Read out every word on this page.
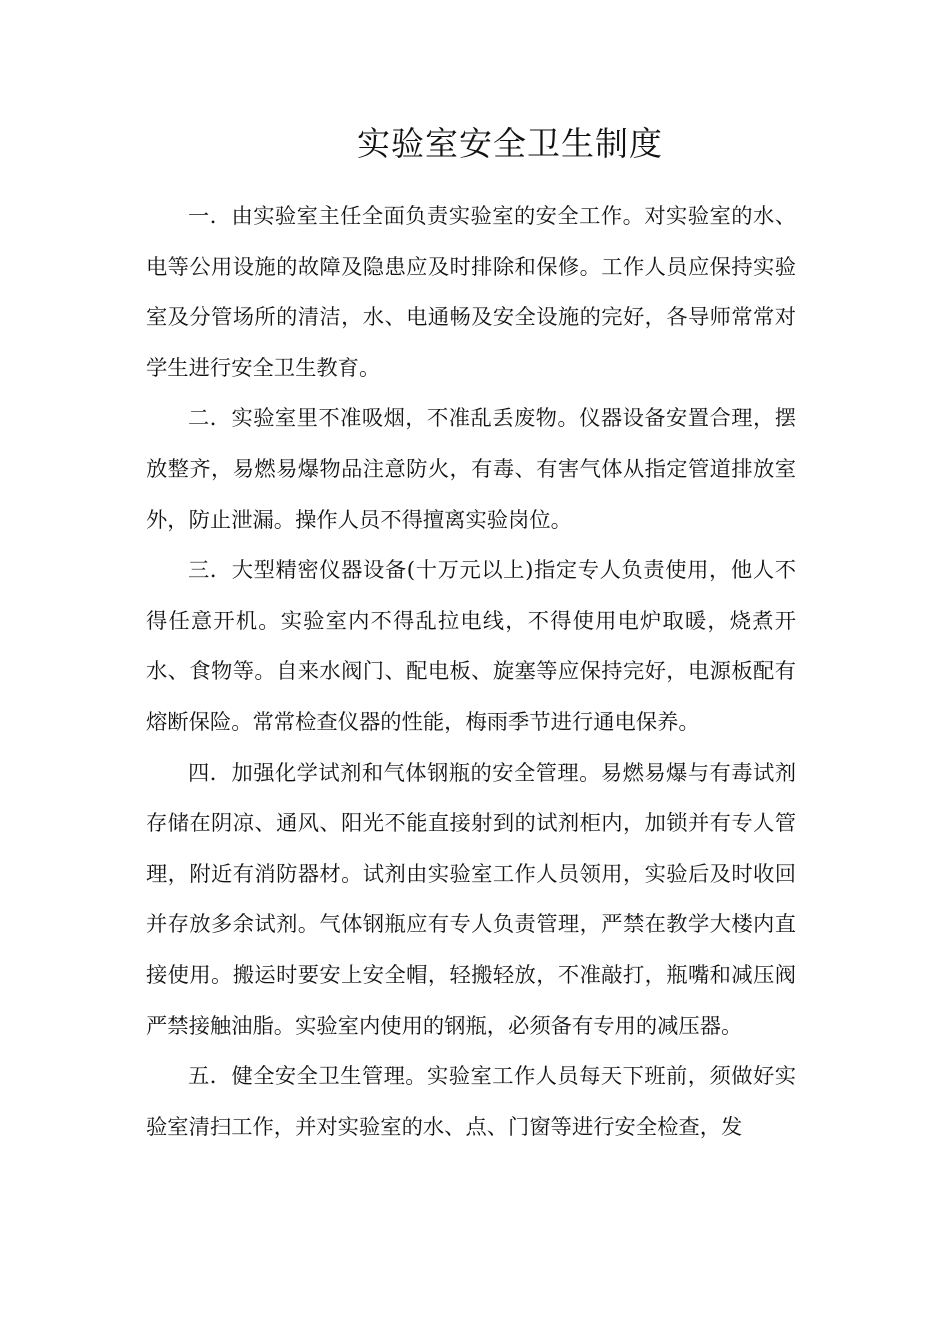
实验室安全卫生制度

一．由实验室主任全面负责实验室的安全工作。对实验室的水、电等公用设施的故障及隐患应及时排除和保修。工作人员应保持实验室及分管场所的清洁，水、电通畅及安全设施的完好，各导师常常对学生进行安全卫生教育。

二．实验室里不准吸烟，不准乱丢废物。仪器设备安置合理，摆放整齐，易燃易爆物品注意防火，有毒、有害气体从指定管道排放室外，防止泄漏。操作人员不得擅离实验岗位。

三．大型精密仪器设备(十万元以上)指定专人负责使用，他人不得任意开机。实验室内不得乱拉电线，不得使用电炉取暖，烧煮开水、食物等。自来水阀门、配电板、旋塞等应保持完好，电源板配有熔断保险。常常检查仪器的性能，梅雨季节进行通电保养。

四．加强化学试剂和气体钢瓶的安全管理。易燃易爆与有毒试剂存储在阴凉、通风、阳光不能直接射到的试剂柜内，加锁并有专人管理，附近有消防器材。试剂由实验室工作人员领用，实验后及时收回并存放多余试剂。气体钢瓶应有专人负责管理，严禁在教学大楼内直接使用。搬运时要安上安全帽，轻搬轻放，不准敲打，瓶嘴和减压阀严禁接触油脂。实验室内使用的钢瓶，必须备有专用的减压器。

五．健全安全卫生管理。实验室工作人员每天下班前，须做好实验室清扫工作，并对实验室的水、点、门窗等进行安全检查，发
